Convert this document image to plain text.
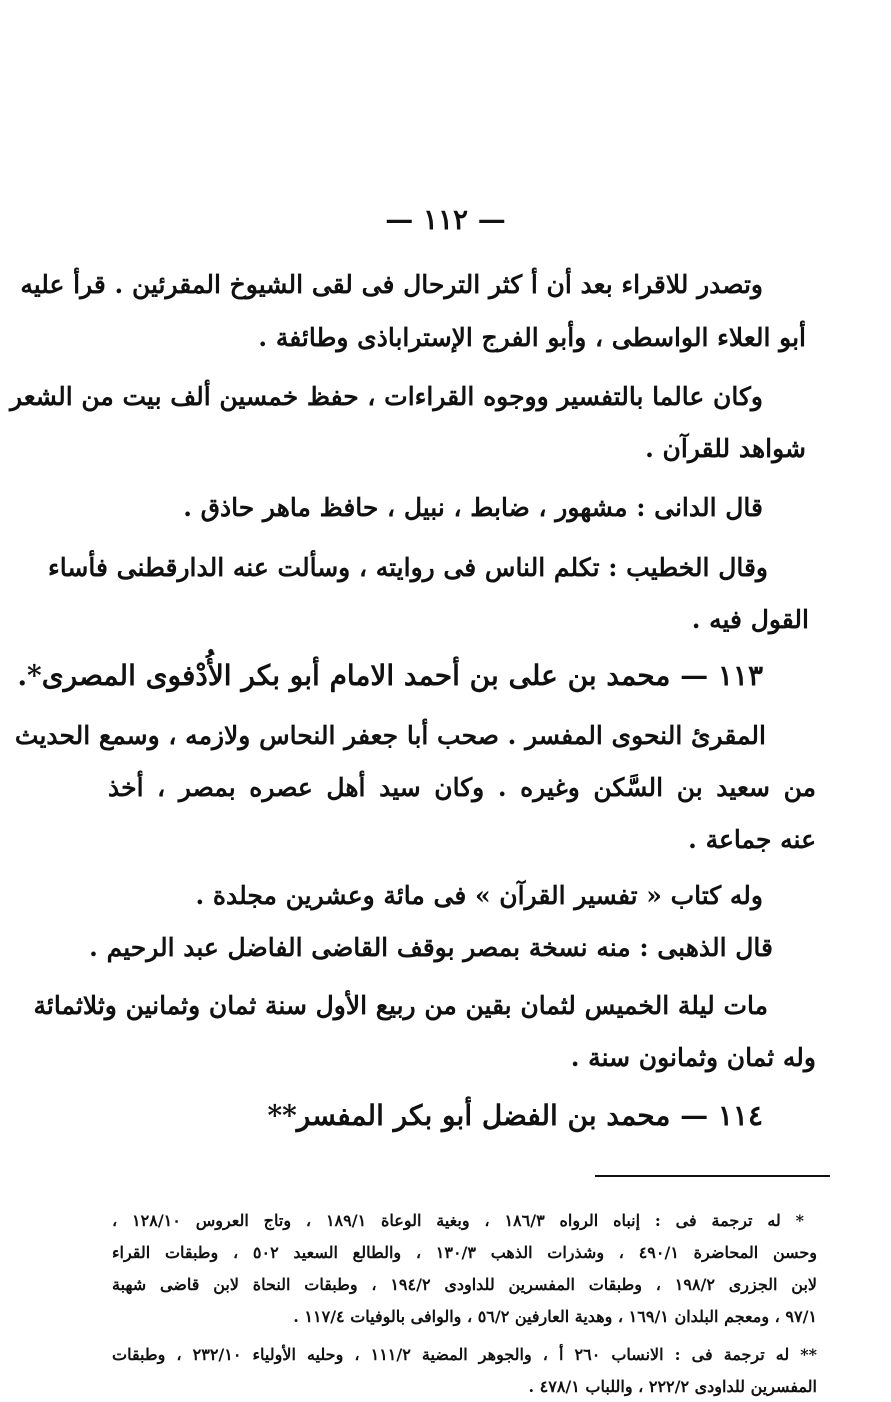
— ١١٢ —
وتصدر للاقراء بعد أن أ كثر الترحال فى لقى الشيوخ المقرئين . قرأ عليه
أبو العلاء الواسطى ، وأبو الفرج الإستراباذى وطائفة .
وكان عالما بالتفسير ووجوه القراءات ، حفظ خمسين ألف بيت من الشعر
شواهد للقرآن .
قال الدانى : مشهور ، ضابط ، نبيل ، حافظ ماهر حاذق .
وقال الخطيب : تكلم الناس فى روايته ، وسألت عنه الدارقطنى فأساء
القول فيه .
١١٣ — محمد بن على بن أحمد الامام أبو بكر الأُدْفوى المصرى*.
المقرئ النحوى المفسر . صحب أبا جعفر النحاس ولازمه ، وسمع الحديث
من سعيد بن السَّكن وغيره . وكان سيد أهل عصره بمصر ، أخذ
عنه جماعة .
وله كتاب « تفسير القرآن » فى مائة وعشرين مجلدة .
قال الذهبى : منه نسخة بمصر بوقف القاضى الفاضل عبد الرحيم .
مات ليلة الخميس لثمان بقين من ربيع الأول سنة ثمان وثمانين وثلاثمائة
وله ثمان وثمانون سنة .
١١٤ — محمد بن الفضل أبو بكر المفسر**
* له ترجمة فى : إنباه الرواه ١٨٦/٣ ، وبغية الوعاة ١٨٩/١ ، وتاج العروس ١٢٨/١٠ ،
وحسن المحاضرة ٤٩٠/١ ، وشذرات الذهب ١٣٠/٣ ، والطالع السعيد ٥٠٢ ، وطبقات القراء
لابن الجزرى ١٩٨/٢ ، وطبقات المفسرين للداودى ١٩٤/٢ ، وطبقات النحاة لابن قاضى شهبة
٩٧/١ ، ومعجم البلدان ١٦٩/١ ، وهدية العارفين ٥٦/٢ ، والوافى بالوفيات ١١٧/٤ .
** له ترجمة فى : الانساب ٢٦٠ أ ، والجوهر المضية ١١١/٢ ، وحليه الأولياء ٢٣٢/١٠ ، وطبقات
المفسرين للداودى ٢٢٢/٢ ، واللباب ٤٧٨/١ .
